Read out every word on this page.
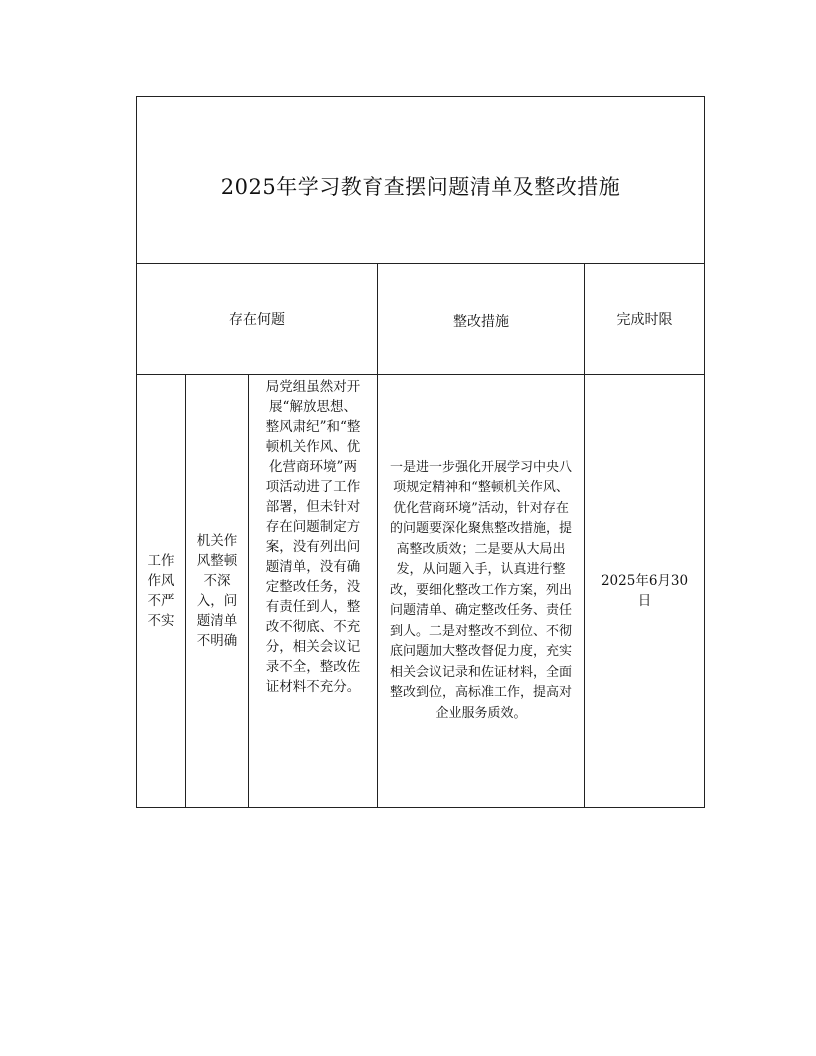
2025年学习教育查摆问题清单及整改措施				
存在何题			整改措施	完成时限
工作作风不严不实	机关作风整顿不深入，问题清单不明确	局党组虽然对开展“解放思想、整风肃纪”和“整顿机关作风、优化营商环境”两项活动进了工作部署，但未针对存在问题制定方案，没有列出问题清单，没有确定整改任务，没有责任到人，整改不彻底、不充分，相关会议记录不全，整改佐证材料不充分。	一是进一步强化开展学习中央八项规定精神和“整顿机关作风、优化营商环境”活动，针对存在的问题要深化聚焦整改措施，提高整改质效；二是要从大局出发，从问题入手，认真进行整改，要细化整改工作方案，列出问题清单、确定整改任务、责任到人。二是对整改不到位、不彻底问题加大整改督促力度，充实相关会议记录和佐证材料，全面整改到位，高标准工作，提高对企业服务质效。	2025年6月30日
